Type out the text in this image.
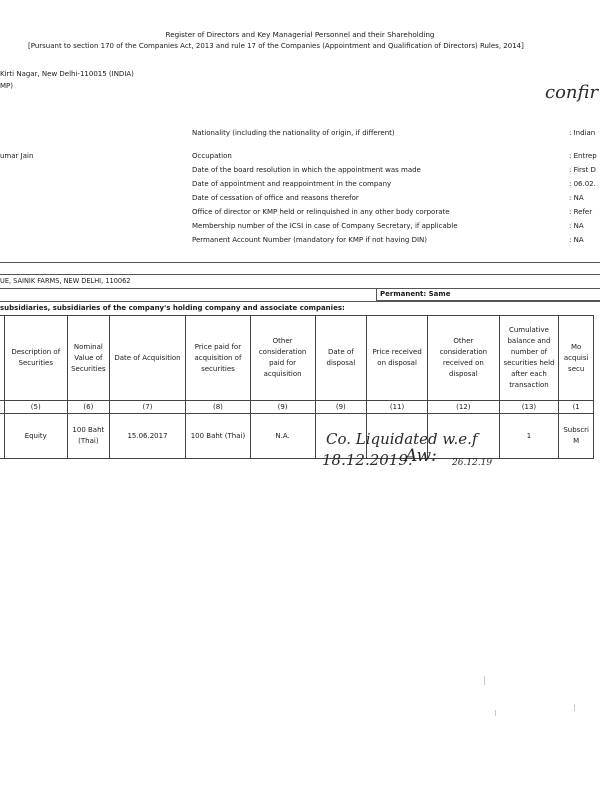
Register of Directors and Key Managerial Personnel and their Shareholding
[Pursuant to section 170 of the Companies Act, 2013 and rule 17 of the Companies (Appointment and Qualification of Directors) Rules, 2014]
Kirti Nagar, New Delhi-110015 (INDIA)
MP)	confir
umar Jain
Nationality (including the nationality of origin, if different)	: Indian
Occupation	: Entrep
Date of the board resolution in which the appointment was made	: First D
Date of appointment and reappointment in the company	: 06.02.
Date of cessation of office and reasons therefor	: NA
Office of director or KMP held or relinquished in any other body corporate	: Refer
Membership number of the ICSI in case of Company Secretary, if applicable	: NA
Permanent Account Number (mandatory for KMP if not having DIN)	: NA
UE, SAINIK FARMS, NEW DELHI, 110062
Permanent: Same
subsidiaries, subsidiaries of the company's holding company and associate companies:
	Description of Securities	Nominal Value of Securities	Date of Acquisition	Price paid for acquisition of securities	Other consideration paid for acquisition	Date of disposal	Price received on disposal	Other consideration received on disposal	Cumulative balance and number of securities held after each transaction	Mo acquisi secu
	(5)	(6)	(7)	(8)	(9)	(9)	(11)	(12)	(13)	(1
	Equity	100 Baht (Thai)	15.06.2017	100 Baht (Thai)	N.A.				1	Subscri M
Co. Liquidated w.e.f
18.12.2019.
Aw: 26.12.19
